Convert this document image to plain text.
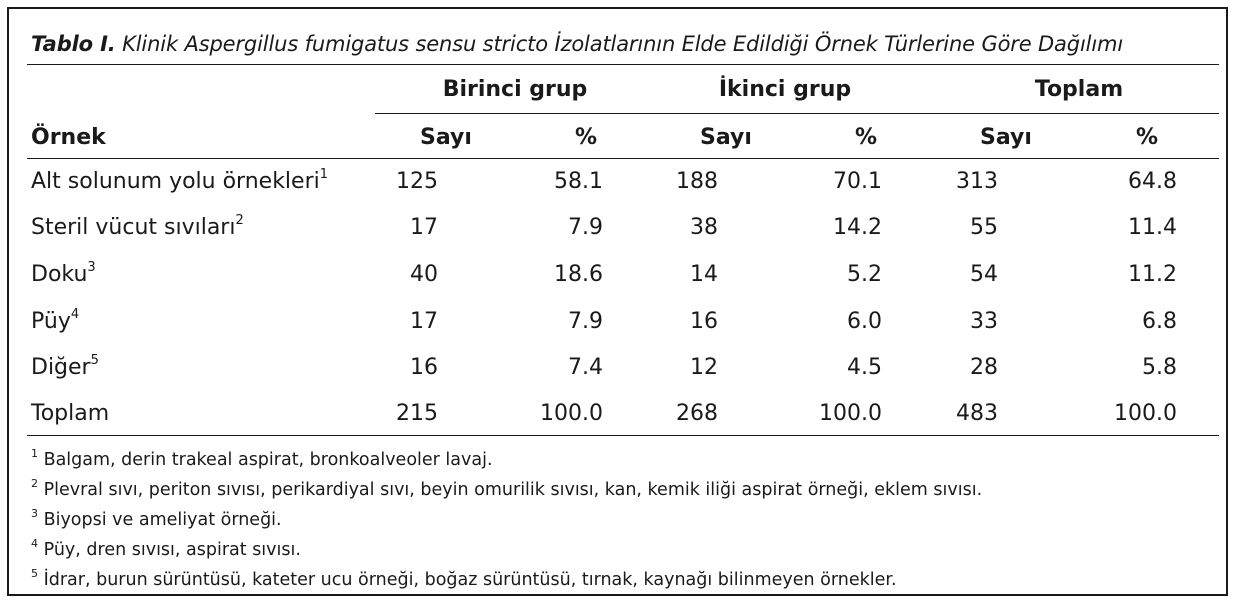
Tablo I. Klinik Aspergillus fumigatus sensu stricto İzolatlarının Elde Edildiği Örnek Türlerine Göre Dağılımı
Birinci grup	İkinci grup	Toplam
Örnek	Sayı	%	Sayı	%	Sayı	%
Alt solunum yolu örnekleri$^1$	125	58.1	188	70.1	313	64.8
Steril vücut sıvıları$^2$	17	7.9	38	14.2	55	11.4
Doku$^3$	40	18.6	14	5.2	54	11.2
Püy$^4$	17	7.9	16	6.0	33	6.8
Diğer$^5$	16	7.4	12	4.5	28	5.8
Toplam	215	100.0	268	100.0	483	100.0
$^1$ Balgam, derin trakeal aspirat, bronkoalveoler lavaj.
$^2$ Plevral sıvı, periton sıvısı, perikardiyal sıvı, beyin omurilik sıvısı, kan, kemik iliği aspirat örneği, eklem sıvısı.
$^3$ Biyopsi ve ameliyat örneği.
$^4$ Püy, dren sıvısı, aspirat sıvısı.
$^5$ İdrar, burun sürüntüsü, kateter ucu örneği, boğaz sürüntüsü, tırnak, kaynağı bilinmeyen örnekler.
